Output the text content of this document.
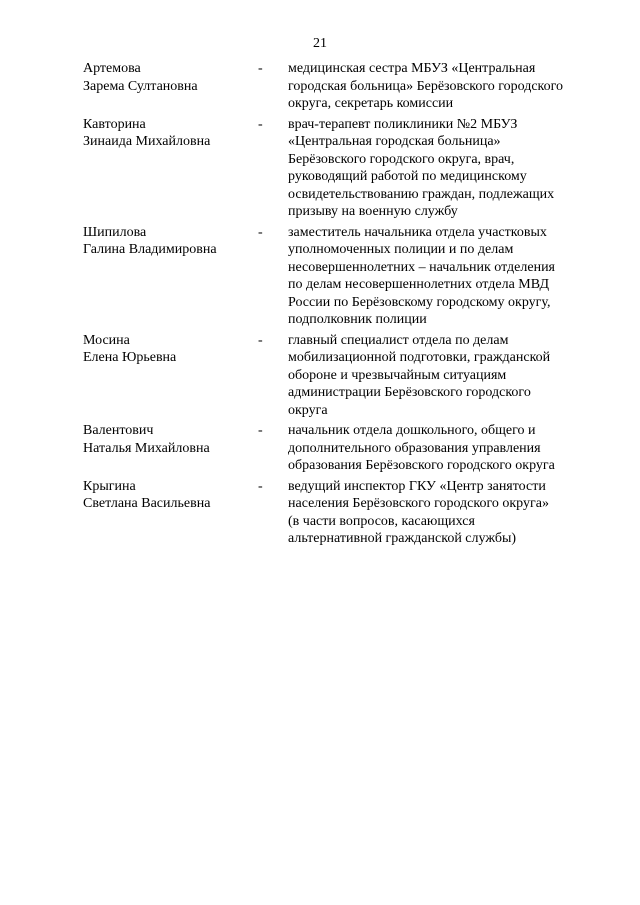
21
Артемова
Зарема Султановна
-	медицинская сестра МБУЗ «Центральная
городская больница» Берёзовского городского
округа, секретарь комиссии
Кавторина
Зинаида Михайловна
-	врач-терапевт поликлиники №2 МБУЗ
«Центральная городская больница»
Берёзовского городского округа, врач,
руководящий работой по медицинскому
освидетельствованию граждан, подлежащих
призыву на военную службу
Шипилова
Галина Владимировна
-	заместитель начальника отдела участковых
уполномоченных полиции и по делам
несовершеннолетних – начальник отделения
по делам несовершеннолетних отдела МВД
России по Берёзовскому городскому округу,
подполковник полиции
Мосина
Елена Юрьевна
-	главный специалист отдела по делам
мобилизационной подготовки, гражданской
обороне и чрезвычайным ситуациям
администрации Берёзовского городского
округа
Валентович
Наталья Михайловна
-	начальник отдела дошкольного, общего и
дополнительного образования управления
образования Берёзовского городского округа
Крыгина
Светлана Васильевна
-	ведущий инспектор ГКУ «Центр занятости
населения Берёзовского городского округа»
(в части вопросов, касающихся
альтернативной гражданской службы)
